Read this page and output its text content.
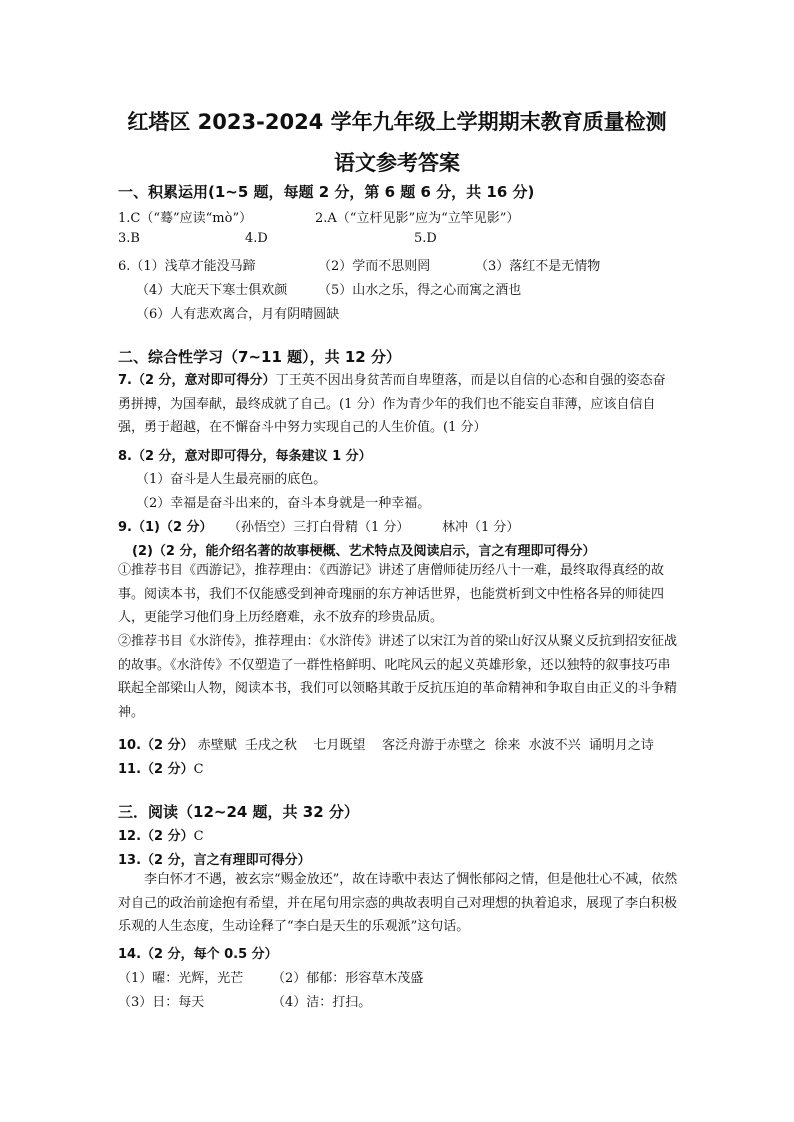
红塔区 2023-2024 学年九年级上学期期末教育质量检测
语文参考答案
一、积累运用(1~5 题，每题 2 分，第 6 题 6 分，共 16 分)
1.C（“蓦”应读“mò”）	2.A（“立杆见影”应为“立竿见影”）
3.B	4.D	5.D
6.（1）浅草才能没马蹄	（2）学而不思则罔	（3）落红不是无情物
（4）大庇天下寒士俱欢颜 （5）山水之乐，得之心而寓之酒也
（6）人有悲欢离合，月有阴晴圆缺
二、综合性学习（7~11 题），共 12 分）
7.（2 分，意对即可得分）丁王英不因出身贫苦而自卑堕落，而是以自信的心态和自强的姿态奋勇拼搏，为国奉献，最终成就了自己。(1 分）作为青少年的我们也不能妄自菲薄，应该自信自强，勇于超越，在不懈奋斗中努力实现自己的人生价值。(1 分）
8.（2 分，意对即可得分，每条建议 1 分）
（1）奋斗是人生最亮丽的底色。
（2）幸福是奋斗出来的，奋斗本身就是一种幸福。
9.（1)（2 分） （孙悟空）三打白骨精（1 分）	林冲（1 分）
(2)（2 分，能介绍名著的故事梗概、艺术特点及阅读启示，言之有理即可得分）
①推荐书目《西游记》，推荐理由：《西游记》讲述了唐僧师徒历经八十一难，最终取得真经的故事。阅读本书，我们不仅能感受到神奇瑰丽的东方神话世界，也能赏析到文中性格各异的师徒四人，更能学习他们身上历经磨难，永不放弃的珍贵品质。
②推荐书目《水浒传》，推荐理由：《水浒传》讲述了以宋江为首的梁山好汉从聚义反抗到招安征战的故事。《水浒传》不仅塑造了一群性格鲜明、叱咤风云的起义英雄形象，还以独特的叙事技巧串联起全部梁山人物，阅读本书，我们可以领略其敢于反抗压迫的革命精神和争取自由正义的斗争精神。
10.（2 分） 赤壁赋  壬戌之秋    七月既望    客泛舟游于赤壁之  徐来  水波不兴  诵明月之诗
11.（2 分）C
三．阅读（12~24 题，共 32 分）
12.（2 分）C
13.（2 分，言之有理即可得分）
李白怀才不遇，被玄宗“赐金放还”，故在诗歌中表达了惆怅郁闷之情，但是他壮心不减，依然对自己的政治前途抱有希望，并在尾句用宗悫的典故表明自己对理想的执着追求，展现了李白积极乐观的人生态度，生动诠释了“李白是天生的乐观派”这句话。
14.（2 分，每个 0.5 分）
（1）曜：光辉，光芒 （2）郁郁：形容草木茂盛
（3）日：每天	（4）洁：打扫。
